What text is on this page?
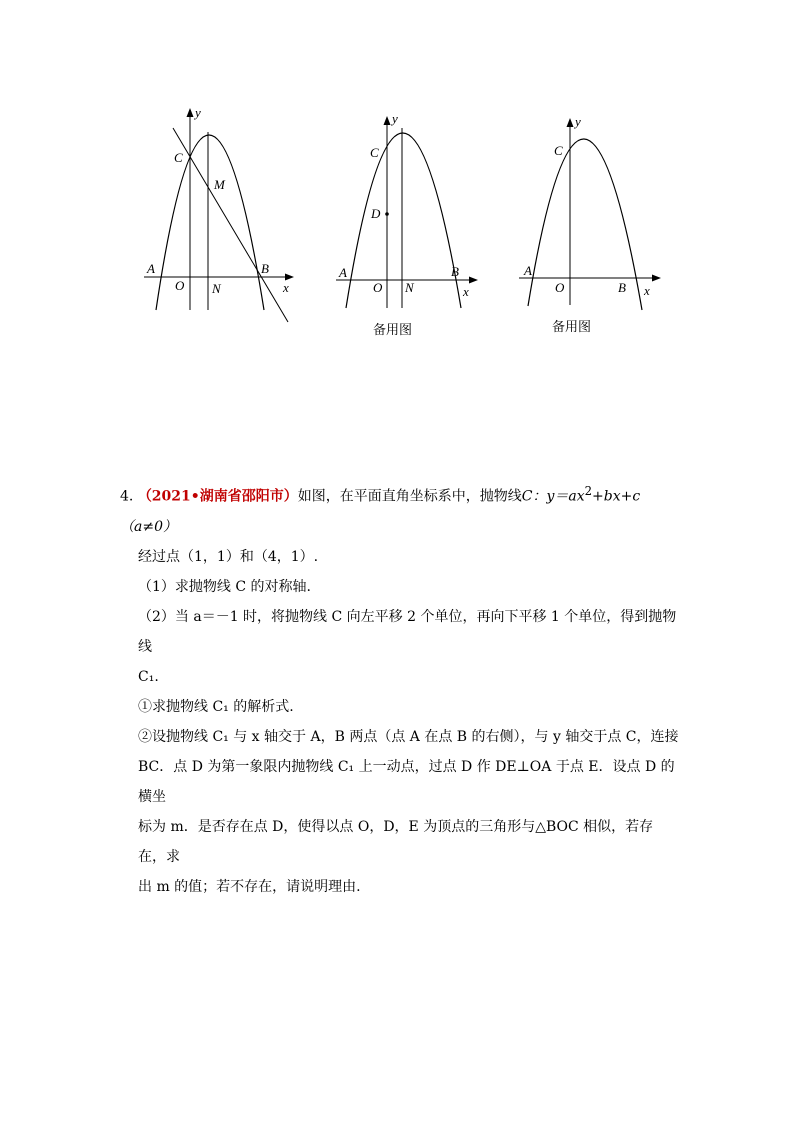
A
O N
B
C
M
y
x
A
O N
B
C
D
y
x
备用图
A
O	B
C
y
x
备用图

4. （2021•湖南省邵阳市）如图，在平面直角坐标系中，抛物线C：$y=ax^2+bx+c(a\ne 0)$

经过点（1，1）和（4，1）.

（1）求抛物线 C 的对称轴.

（2）当 a＝－1 时，将抛物线 C 向左平移 2 个单位，再向下平移 1 个单位，得到抛物线

C₁.

①求抛物线 C₁ 的解析式.

②设抛物线 C₁ 与 x 轴交于 A，B 两点（点 A 在点 B 的右侧），与 y 轴交于点 C，连接

BC．点 D 为第一象限内抛物线 C₁ 上一动点，过点 D 作 DE⊥OA 于点 E．设点 D 的横坐

标为 m．是否存在点 D，使得以点 O，D，E 为顶点的三角形与△BOC 相似，若存在，求

出 m 的值；若不存在，请说明理由.
